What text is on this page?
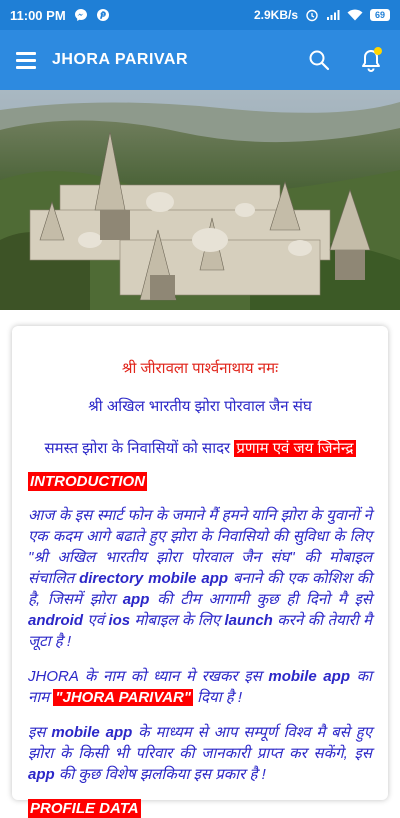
11:00 PM	2.9KB/s	69
JHORA PARIVAR
श्री जीरावला पार्श्वनाथाय नमः
श्री अखिल भारतीय झोरा पोरवाल जैन संघ
समस्त झोरा के निवासियों को सादर प्रणाम एवं जय जिनेन्द्र
INTRODUCTION

आज के इस स्मार्ट फोन के जमाने मैं हमने यानि झोरा के युवानों ने एक कदम आगे बढाते हुए झोरा के निवासियो की सुविधा के लिए "श्री अखिल भारतीय झोरा पोरवाल जैन संघ" की मोबाइल संचालित directory mobile app बनाने की एक कोशिश की है, जिसमें झोरा app की टीम आगामी कुछ ही दिनो मै इसे android एवं ios मोबाइल के लिए launch करने की तेयारी मै जूटा है !

JHORA के नाम को ध्यान मे रखकर इस mobile app का नाम "JHORA PARIVAR" दिया है !

इस mobile app के माध्यम से आप सम्पूर्ण विश्व मै बसे हुए झोरा के किसी भी परिवार की जानकारी प्राप्त कर सकेंगे, इस app की कुछ विशेष झलकिया इस प्रकार है !

PROFILE DATA
